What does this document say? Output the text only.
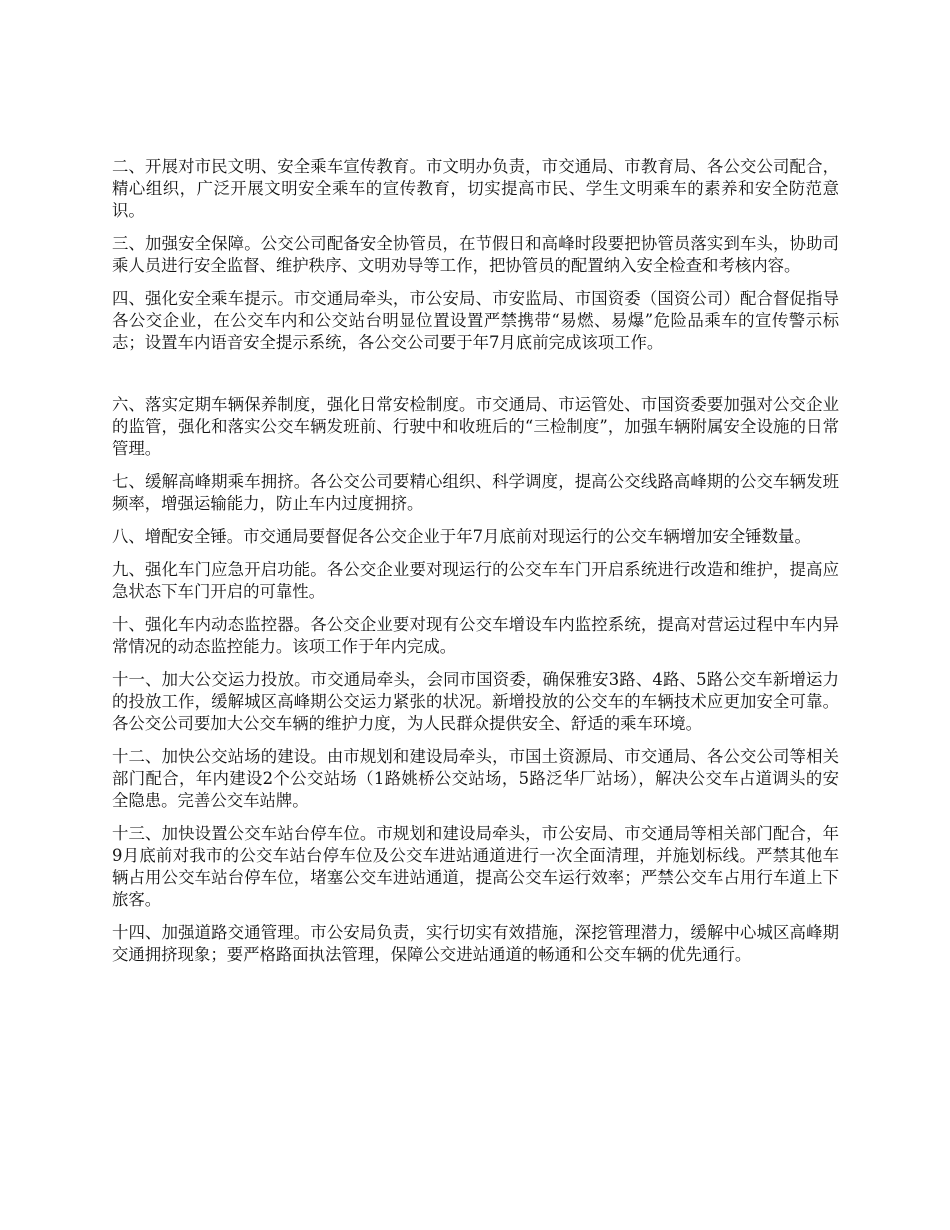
二、开展对市民文明、安全乘车宣传教育。市文明办负责，市交通局、市教育局、各公交公司配合，精心组织，广泛开展文明安全乘车的宣传教育，切实提高市民、学生文明乘车的素养和安全防范意识。

三、加强安全保障。公交公司配备安全协管员，在节假日和高峰时段要把协管员落实到车头，协助司乘人员进行安全监督、维护秩序、文明劝导等工作，把协管员的配置纳入安全检查和考核内容。

四、强化安全乘车提示。市交通局牵头，市公安局、市安监局、市国资委（国资公司）配合督促指导各公交企业，在公交车内和公交站台明显位置设置严禁携带“易燃、易爆”危险品乘车的宣传警示标志；设置车内语音安全提示系统，各公交公司要于年7月底前完成该项工作。

六、落实定期车辆保养制度，强化日常安检制度。市交通局、市运管处、市国资委要加强对公交企业的监管，强化和落实公交车辆发班前、行驶中和收班后的“三检制度”，加强车辆附属安全设施的日常管理。

七、缓解高峰期乘车拥挤。各公交公司要精心组织、科学调度，提高公交线路高峰期的公交车辆发班频率，增强运输能力，防止车内过度拥挤。

八、增配安全锤。市交通局要督促各公交企业于年7月底前对现运行的公交车辆增加安全锤数量。

九、强化车门应急开启功能。各公交企业要对现运行的公交车车门开启系统进行改造和维护，提高应急状态下车门开启的可靠性。

十、强化车内动态监控器。各公交企业要对现有公交车增设车内监控系统，提高对营运过程中车内异常情况的动态监控能力。该项工作于年内完成。

十一、加大公交运力投放。市交通局牵头，会同市国资委，确保雅安3路、4路、5路公交车新增运力的投放工作，缓解城区高峰期公交运力紧张的状况。新增投放的公交车的车辆技术应更加安全可靠。各公交公司要加大公交车辆的维护力度，为人民群众提供安全、舒适的乘车环境。

十二、加快公交站场的建设。由市规划和建设局牵头，市国土资源局、市交通局、各公交公司等相关部门配合，年内建设2个公交站场（1路姚桥公交站场，5路泛华厂站场），解决公交车占道调头的安全隐患。完善公交车站牌。

十三、加快设置公交车站台停车位。市规划和建设局牵头，市公安局、市交通局等相关部门配合，年9月底前对我市的公交车站台停车位及公交车进站通道进行一次全面清理，并施划标线。严禁其他车辆占用公交车站台停车位，堵塞公交车进站通道，提高公交车运行效率；严禁公交车占用行车道上下旅客。

十四、加强道路交通管理。市公安局负责，实行切实有效措施，深挖管理潜力，缓解中心城区高峰期交通拥挤现象；要严格路面执法管理，保障公交进站通道的畅通和公交车辆的优先通行。
